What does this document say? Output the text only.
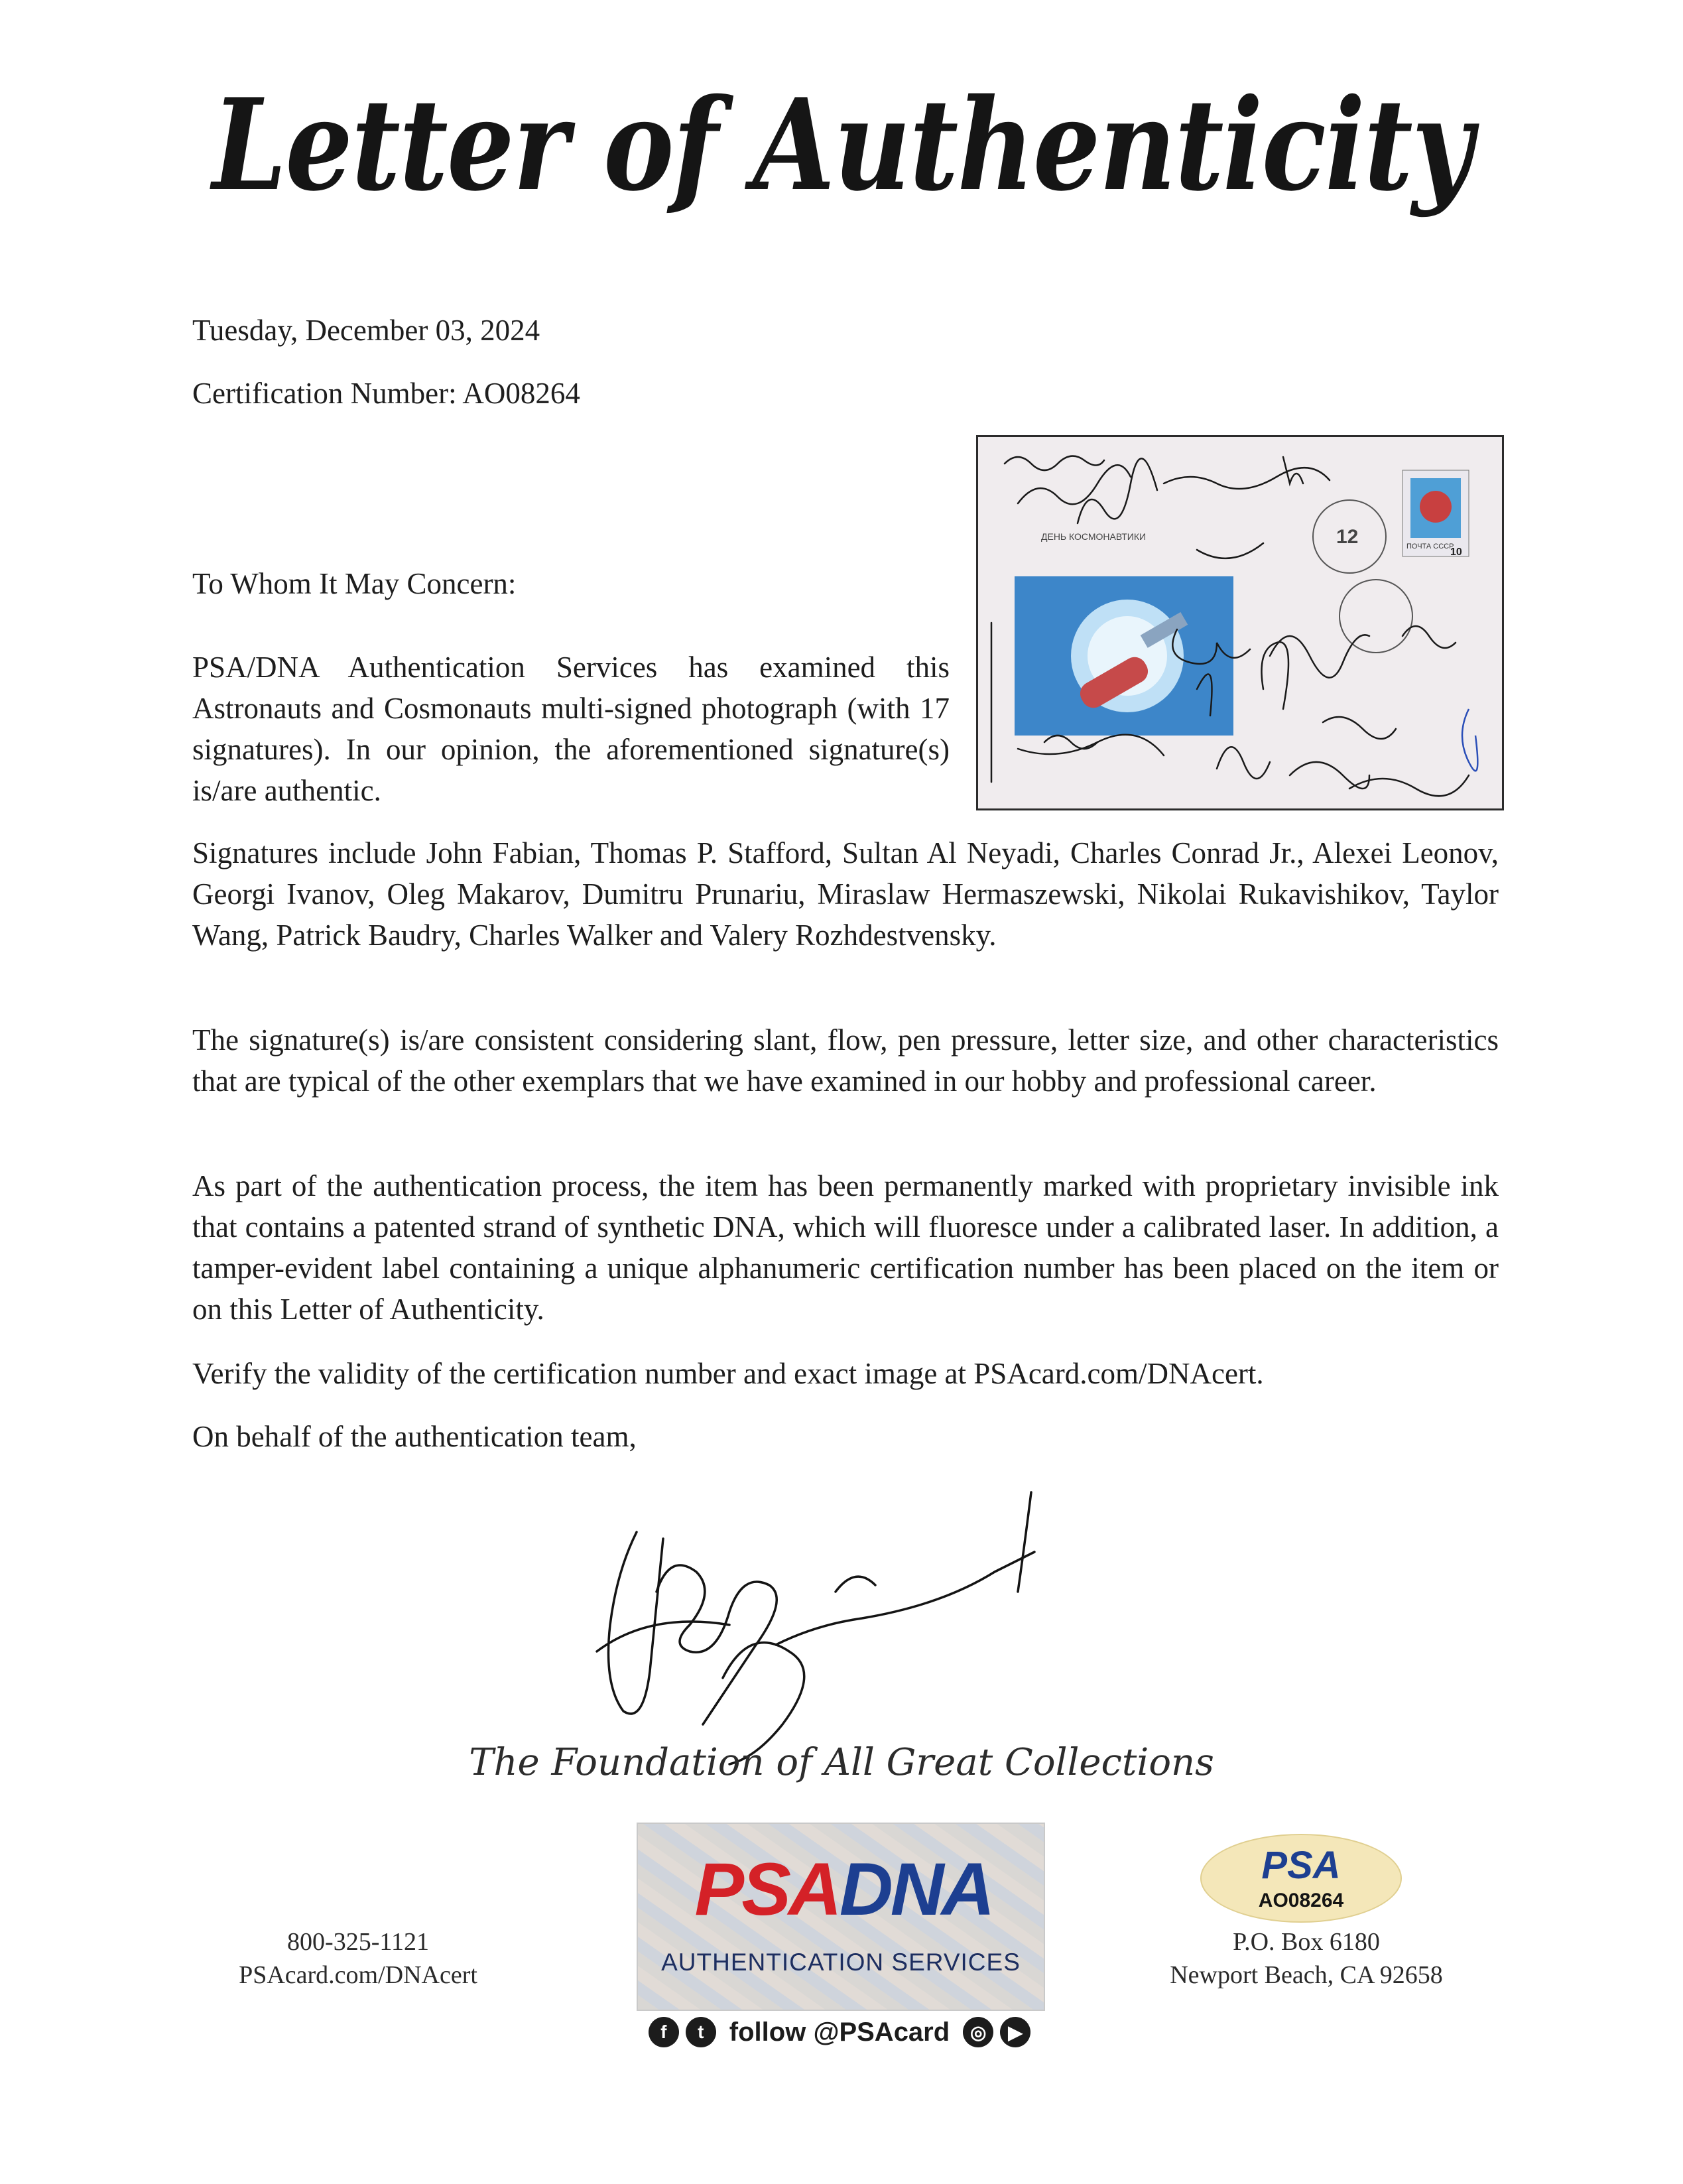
Letter of Authenticity
Tuesday, December 03, 2024
Certification Number: AO08264
ПОЧТА СССР
10
12
ДЕНЬ КОСМОНАВТИКИ
To Whom It May Concern:
PSA/DNA Authentication Services has examined this Astronauts and Cosmonauts multi-signed photograph (with 17 signatures). In our opinion, the aforementioned signature(s) is/are authentic.
Signatures include John Fabian, Thomas P. Stafford, Sultan Al Neyadi, Charles Conrad Jr., Alexei Leonov, Georgi Ivanov, Oleg Makarov, Dumitru Prunariu, Miraslaw Hermaszewski, Nikolai Rukavishikov, Taylor Wang, Patrick Baudry, Charles Walker and Valery Rozhdestvensky.
The signature(s) is/are consistent considering slant, flow, pen pressure, letter size, and other characteristics that are typical of the other exemplars that we have examined in our hobby and professional career.
As part of the authentication process, the item has been permanently marked with proprietary invisible ink that contains a patented strand of synthetic DNA, which will fluoresce under a calibrated laser. In addition, a tamper-evident label containing a unique alphanumeric certification number has been placed on the item or on this Letter of Authenticity.
Verify the validity of the certification number and exact image at PSAcard.com/DNAcert.
On behalf of the authentication team,
The Foundation of All Great Collections
800-325-1121
PSAcard.com/DNAcert
PSA DNA
AUTHENTICATION SERVICES
f	t follow @PSAcard	◎	▶
PSA
AO08264
P.O. Box 6180
Newport Beach, CA 92658
